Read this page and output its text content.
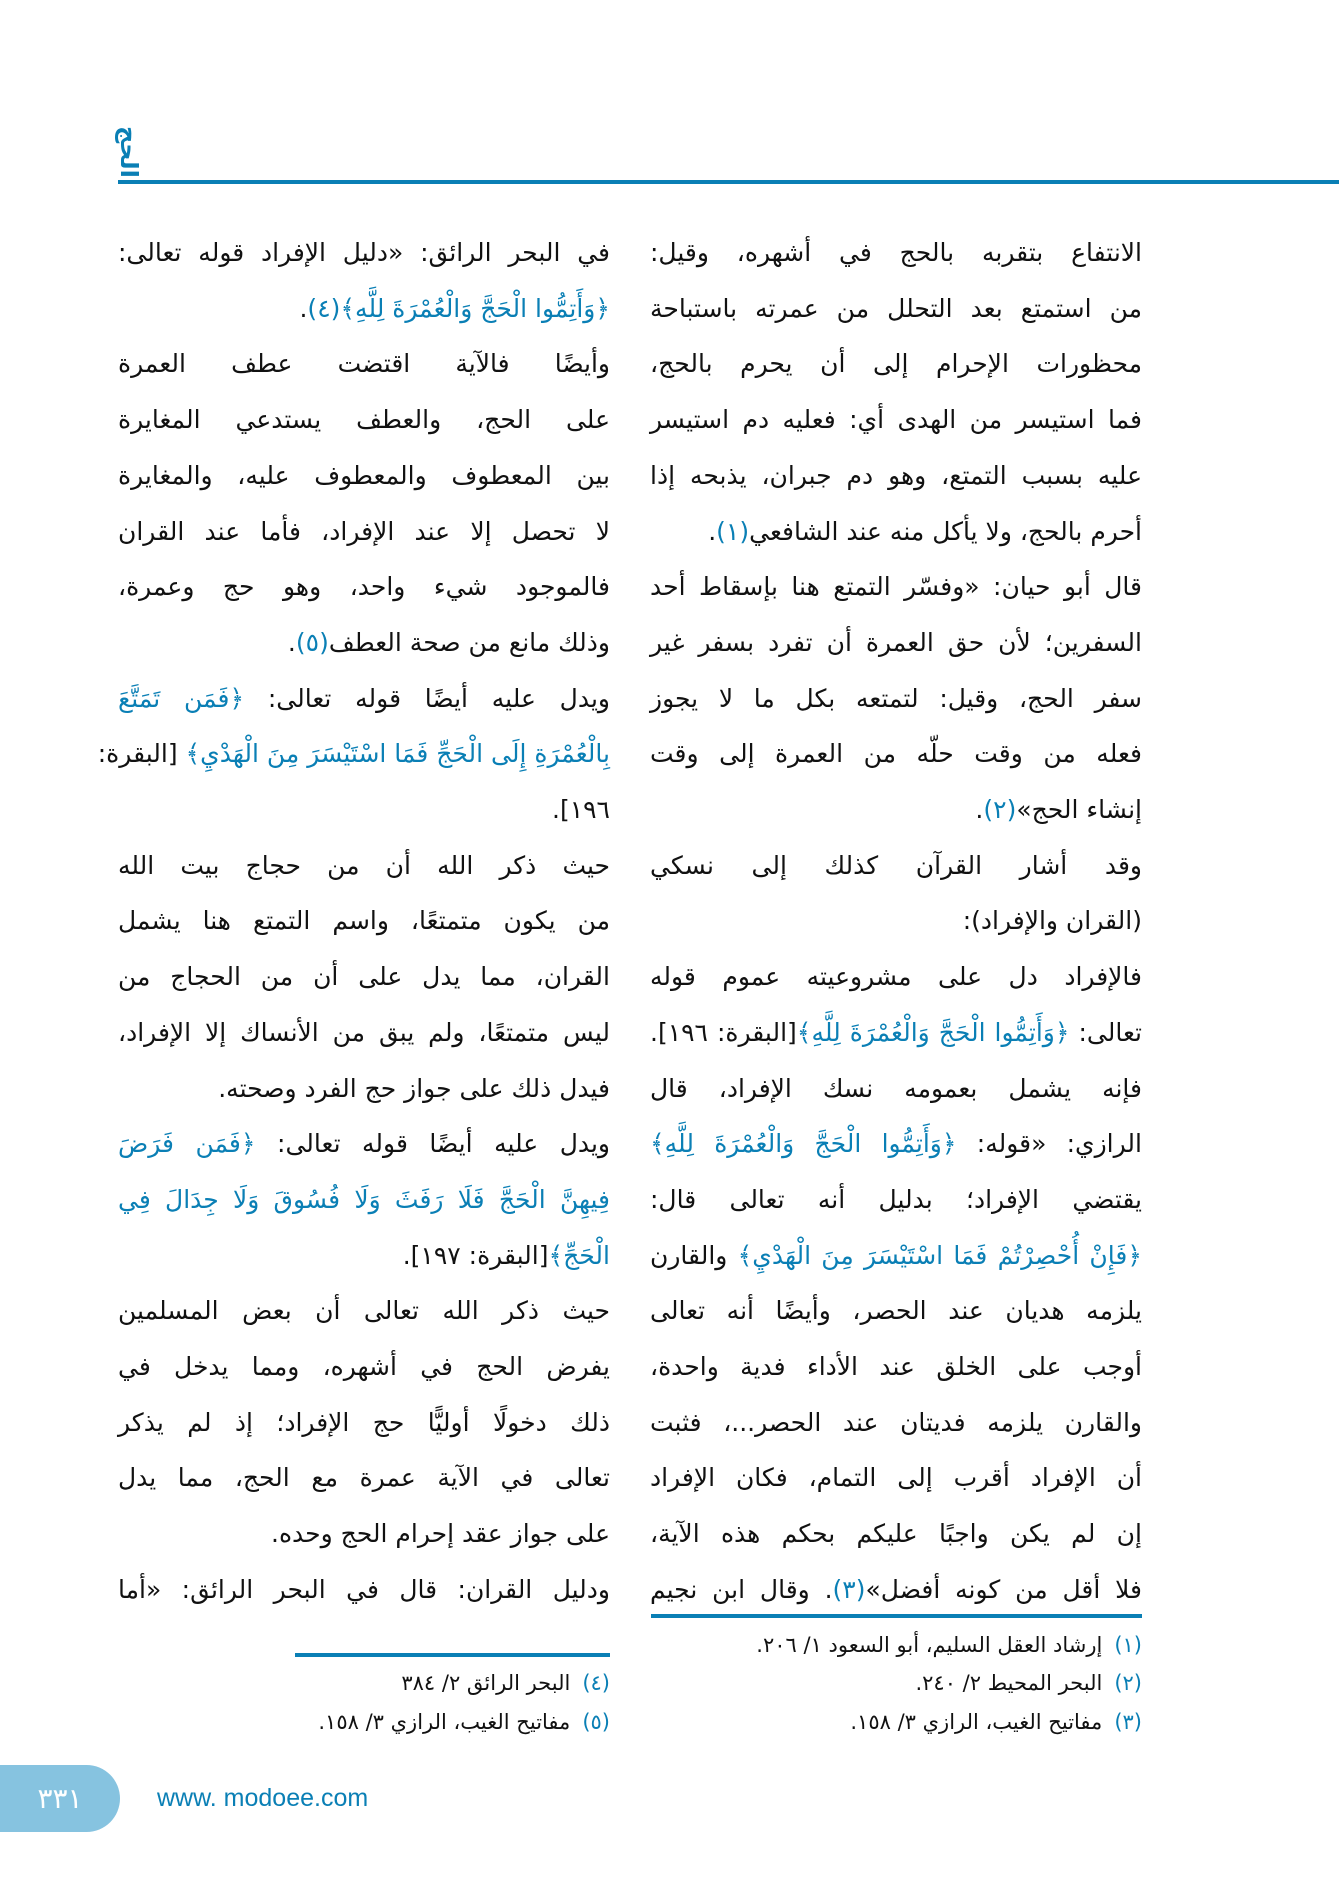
الحج
الانتفاع بتقربه بالحج في أشهره، وقيل:
من استمتع بعد التحلل من عمرته باستباحة
محظورات الإحرام إلى أن يحرم بالحج،
فما استيسر من الهدى أي: فعليه دم استيسر
عليه بسبب التمتع، وهو دم جبران، يذبحه إذا
أحرم بالحج، ولا يأكل منه عند الشافعي(١).
قال أبو حيان: «وفسّر التمتع هنا بإسقاط أحد
السفرين؛ لأن حق العمرة أن تفرد بسفر غير
سفر الحج، وقيل: لتمتعه بكل ما لا يجوز
فعله من وقت حلّه من العمرة إلى وقت
إنشاء الحج»(٢).
وقد أشار القرآن كذلك إلى نسكي
(القران والإفراد):
فالإفراد دل على مشروعيته عموم قوله
تعالى: ﴿وَأَتِمُّوا الْحَجَّ وَالْعُمْرَةَ لِلَّهِ﴾[البقرة: ١٩٦].
فإنه يشمل بعمومه نسك الإفراد، قال
الرازي: «قوله: ﴿وَأَتِمُّوا الْحَجَّ وَالْعُمْرَةَ لِلَّهِ﴾
يقتضي الإفراد؛ بدليل أنه تعالى قال:
﴿فَإِنْ أُحْصِرْتُمْ فَمَا اسْتَيْسَرَ مِنَ الْهَدْيِ﴾ والقارن
يلزمه هديان عند الحصر، وأيضًا أنه تعالى
أوجب على الخلق عند الأداء فدية واحدة،
والقارن يلزمه فديتان عند الحصر...، فثبت
أن الإفراد أقرب إلى التمام، فكان الإفراد
إن لم يكن واجبًا عليكم بحكم هذه الآية،
فلا أقل من كونه أفضل»(٣). وقال ابن نجيم
في البحر الرائق: «دليل الإفراد قوله تعالى:
﴿وَأَتِمُّوا الْحَجَّ وَالْعُمْرَةَ لِلَّهِ﴾(٤).
وأيضًا فالآية اقتضت عطف العمرة
على الحج، والعطف يستدعي المغايرة
بين المعطوف والمعطوف عليه، والمغايرة
لا تحصل إلا عند الإفراد، فأما عند القران
فالموجود شيء واحد، وهو حج وعمرة،
وذلك مانع من صحة العطف(٥).
ويدل عليه أيضًا قوله تعالى: ﴿فَمَن تَمَتَّعَ
بِالْعُمْرَةِ إِلَى الْحَجِّ فَمَا اسْتَيْسَرَ مِنَ الْهَدْيِ﴾ [البقرة:
١٩٦].
حيث ذكر الله أن من حجاج بيت الله
من يكون متمتعًا، واسم التمتع هنا يشمل
القران، مما يدل على أن من الحجاج من
ليس متمتعًا، ولم يبق من الأنساك إلا الإفراد،
فيدل ذلك على جواز حج الفرد وصحته.
ويدل عليه أيضًا قوله تعالى: ﴿فَمَن فَرَضَ
فِيهِنَّ الْحَجَّ فَلَا رَفَثَ وَلَا فُسُوقَ وَلَا جِدَالَ فِي
الْحَجِّ﴾[البقرة: ١٩٧].
حيث ذكر الله تعالى أن بعض المسلمين
يفرض الحج في أشهره، ومما يدخل في
ذلك دخولًا أوليًّا حج الإفراد؛ إذ لم يذكر
تعالى في الآية عمرة مع الحج، مما يدل
على جواز عقد إحرام الحج وحده.
ودليل القران: قال في البحر الرائق: «أما
(١)إرشاد العقل السليم، أبو السعود ١/ ٢٠٦.
(٢)البحر المحيط ٢/ ٢٤٠.
(٣)مفاتيح الغيب، الرازي ٣/ ١٥٨.
(٤)البحر الرائق ٢/ ٣٨٤
(٥)مفاتيح الغيب، الرازي ٣/ ١٥٨.
٣٣١	www. modoee.com
